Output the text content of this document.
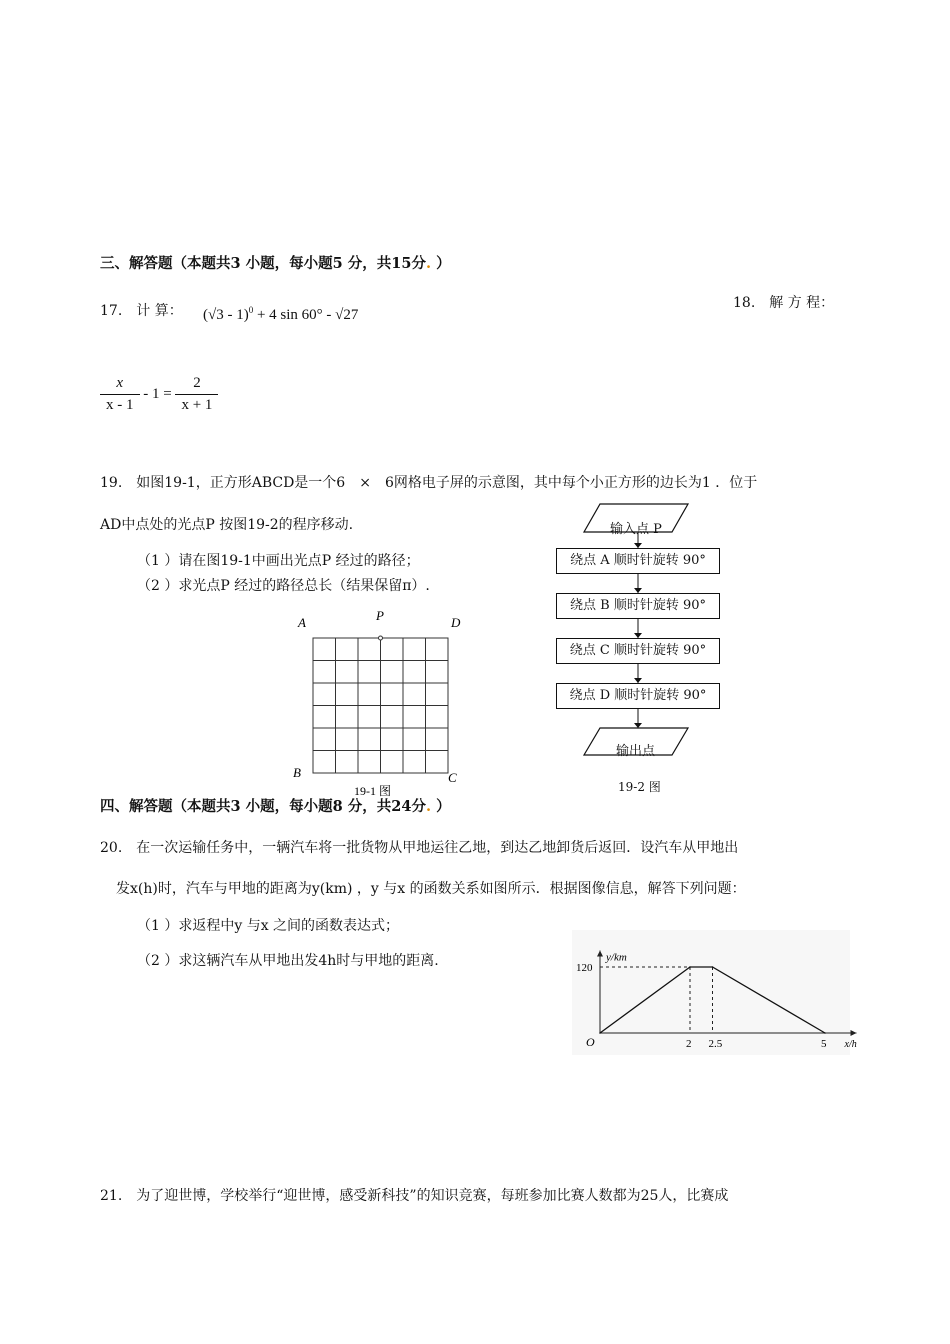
三、解答题（本题共3 小题，每小题5 分，共15分. ）
17.　计 算： (√3 - 1)$^0$ + 4 sin 60° - √27
18.　解 方 程：
$\frac{x}{x - 1} - 1 = \frac{2}{x + 1}$
19.　如图19-1，正方形ABCD是一个6　×　6网格电子屏的示意图，其中每个小正方形的边长为1 ．位于
AD中点处的光点P 按图19-2的程序移动.
（1 ）请在图19-1中画出光点P 经过的路径；
（2 ）求光点P 经过的路径总长（结果保留π）.
A	P	D
B	C
19-1 图
输入点 P
绕点 A 顺时针旋转 90°
绕点 B 顺时针旋转 90°
绕点 C 顺时针旋转 90°
绕点 D 顺时针旋转 90°
输出点
19-2 图
四、解答题（本题共3 小题，每小题8 分，共24分. ）
20.　在一次运输任务中，一辆汽车将一批货物从甲地运往乙地，到达乙地卸货后返回．设汽车从甲地出
发x(h)时，汽车与甲地的距离为y(km) ，y 与x 的函数关系如图所示．根据图像信息，解答下列问题：
（1 ）求返程中y 与x 之间的函数表达式；
（2 ）求这辆汽车从甲地出发4h时与甲地的距离.	y/km
x/h
O
120
2 2.5	5
21.　为了迎世博，学校举行“迎世博，感受新科技”的知识竞赛，每班参加比赛人数都为25人，比赛成
